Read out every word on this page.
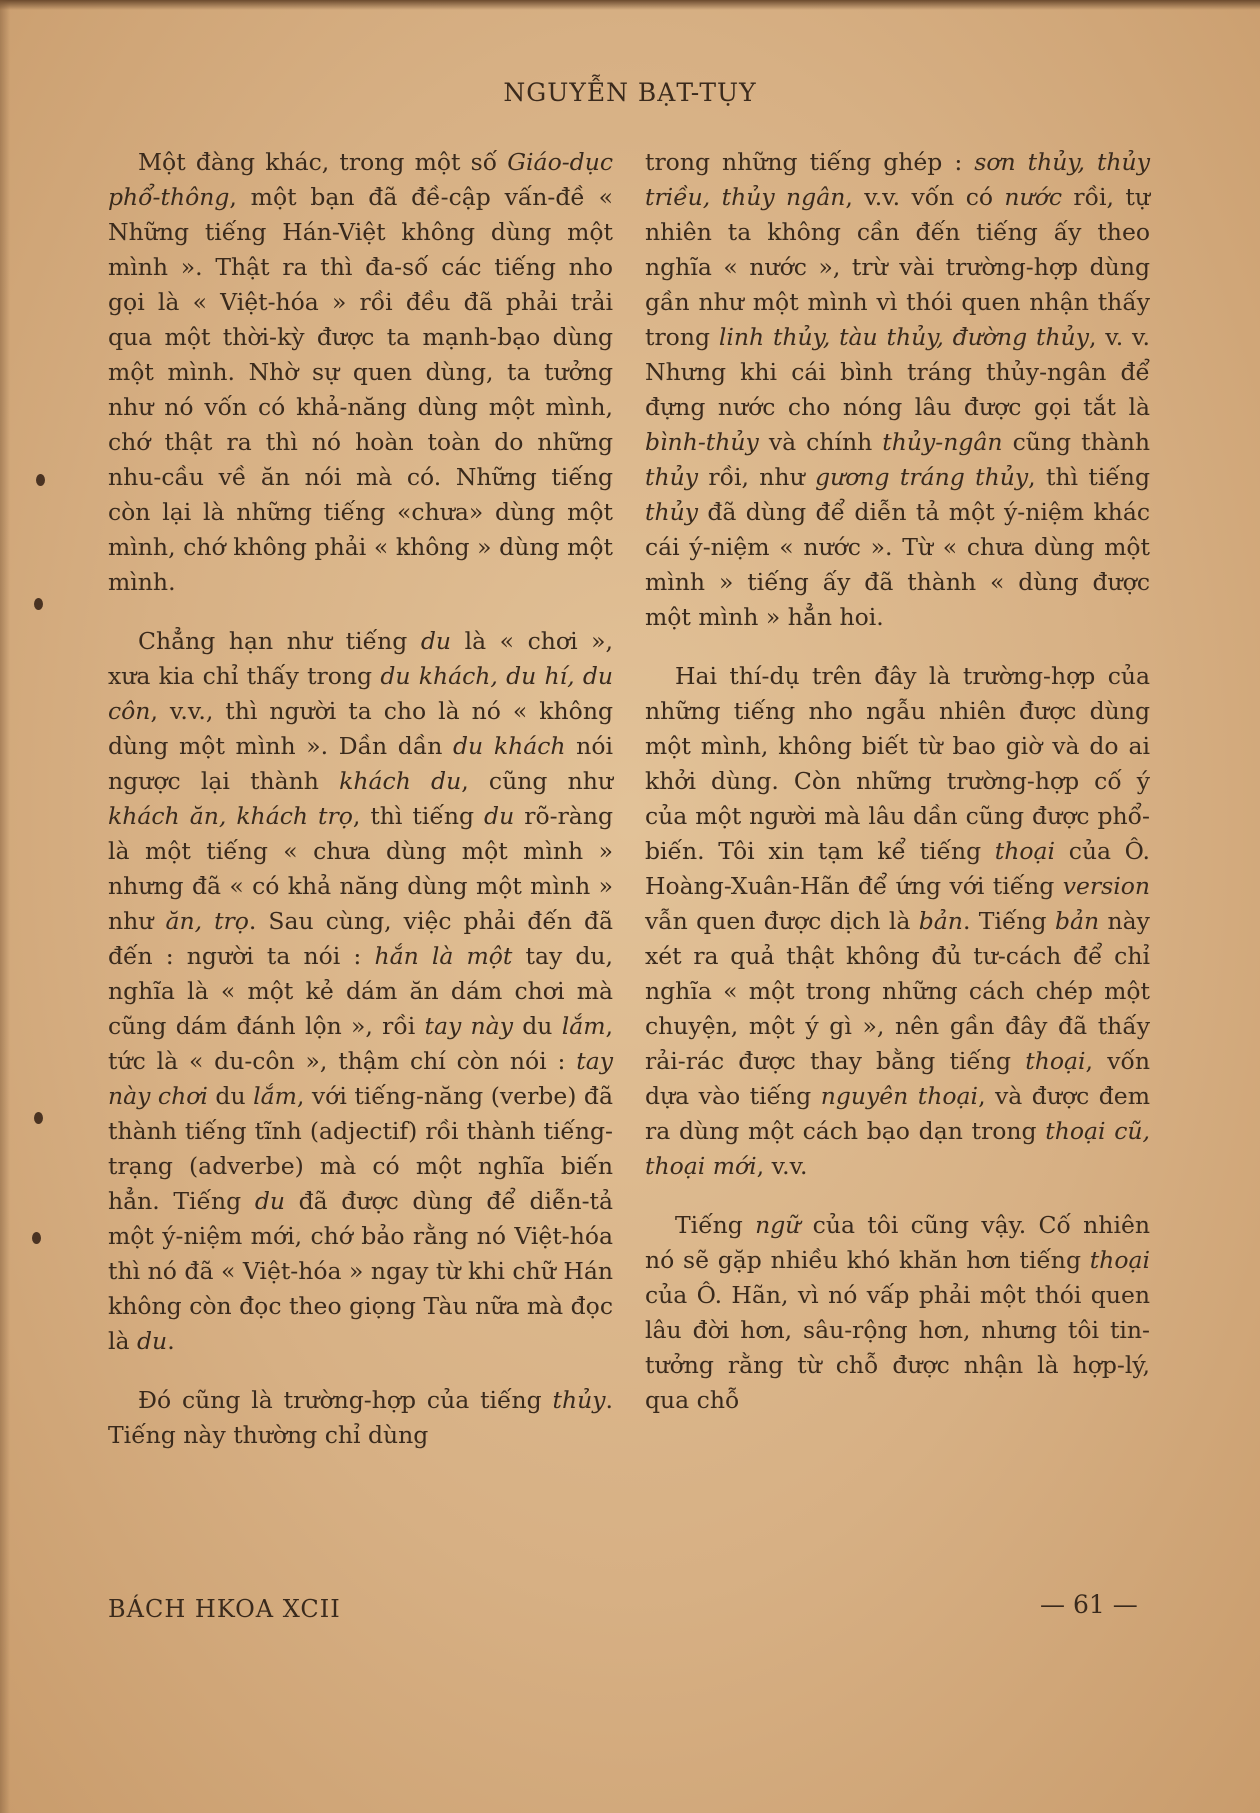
NGUYỄN BẠT-TỤY

Một đàng khác, trong một số Giáo-dục phổ-thông, một bạn đã đề-cập vấn-đề « Những tiếng Hán-Việt không dùng một mình ». Thật ra thì đa-số các tiếng nho gọi là « Việt-hóa » rồi đều đã phải trải qua một thời-kỳ được ta mạnh-bạo dùng một mình. Nhờ sự quen dùng, ta tưởng như nó vốn có khả-năng dùng một mình, chớ thật ra thì nó hoàn toàn do những nhu-cầu về ăn nói mà có. Những tiếng còn lại là những tiếng «chưa» dùng một mình, chớ không phải « không » dùng một mình.

Chẳng hạn như tiếng du là « chơi », xưa kia chỉ thấy trong du khách, du hí, du côn, v.v., thì người ta cho là nó « không dùng một mình ». Dần dần du khách nói ngược lại thành khách du, cũng như khách ăn, khách trọ, thì tiếng du rõ-ràng là một tiếng « chưa dùng một mình » nhưng đã « có khả năng dùng một mình » như ăn, trọ. Sau cùng, việc phải đến đã đến : người ta nói : hắn là một tay du, nghĩa là « một kẻ dám ăn dám chơi mà cũng dám đánh lộn », rồi tay này du lắm, tức là « du-côn », thậm chí còn nói : tay này chơi du lắm, với tiếng-năng (verbe) đã thành tiếng tĩnh (adjectif) rồi thành tiếng-trạng (adverbe) mà có một nghĩa biến hẳn. Tiếng du đã được dùng để diễn-tả một ý-niệm mới, chớ bảo rằng nó Việt-hóa thì nó đã « Việt-hóa » ngay từ khi chữ Hán không còn đọc theo giọng Tàu nữa mà đọc là du.

Đó cũng là trường-hợp của tiếng thủy. Tiếng này thường chỉ dùng

trong những tiếng ghép : sơn thủy, thủy triều, thủy ngân, v.v. vốn có nước rồi, tự nhiên ta không cần đến tiếng ấy theo nghĩa « nước », trừ vài trường-hợp dùng gần như một mình vì thói quen nhận thấy trong linh thủy, tàu thủy, đường thủy, v. v. Nhưng khi cái bình tráng thủy-ngân để đựng nước cho nóng lâu được gọi tắt là bình-thủy và chính thủy-ngân cũng thành thủy rồi, như gương tráng thủy, thì tiếng thủy đã dùng để diễn tả một ý-niệm khác cái ý-niệm « nước ». Từ « chưa dùng một mình » tiếng ấy đã thành « dùng được một mình » hẳn hoi.

Hai thí-dụ trên đây là trường-hợp của những tiếng nho ngẫu nhiên được dùng một mình, không biết từ bao giờ và do ai khởi dùng. Còn những trường-hợp cố ý của một người mà lâu dần cũng được phổ-biến. Tôi xin tạm kể tiếng thoại của Ô. Hoàng-Xuân-Hãn để ứng với tiếng version vẫn quen được dịch là bản. Tiếng bản này xét ra quả thật không đủ tư-cách để chỉ nghĩa « một trong những cách chép một chuyện, một ý gì », nên gần đây đã thấy rải-rác được thay bằng tiếng thoại, vốn dựa vào tiếng nguyên thoại, và được đem ra dùng một cách bạo dạn trong thoại cũ, thoại mới, v.v.

Tiếng ngữ của tôi cũng vậy. Cố nhiên nó sẽ gặp nhiều khó khăn hơn tiếng thoại của Ô. Hãn, vì nó vấp phải một thói quen lâu đời hơn, sâu-rộng hơn, nhưng tôi tin-tưởng rằng từ chỗ được nhận là hợp-lý, qua chỗ

BÁCH HKOA XCII	— 61 —
